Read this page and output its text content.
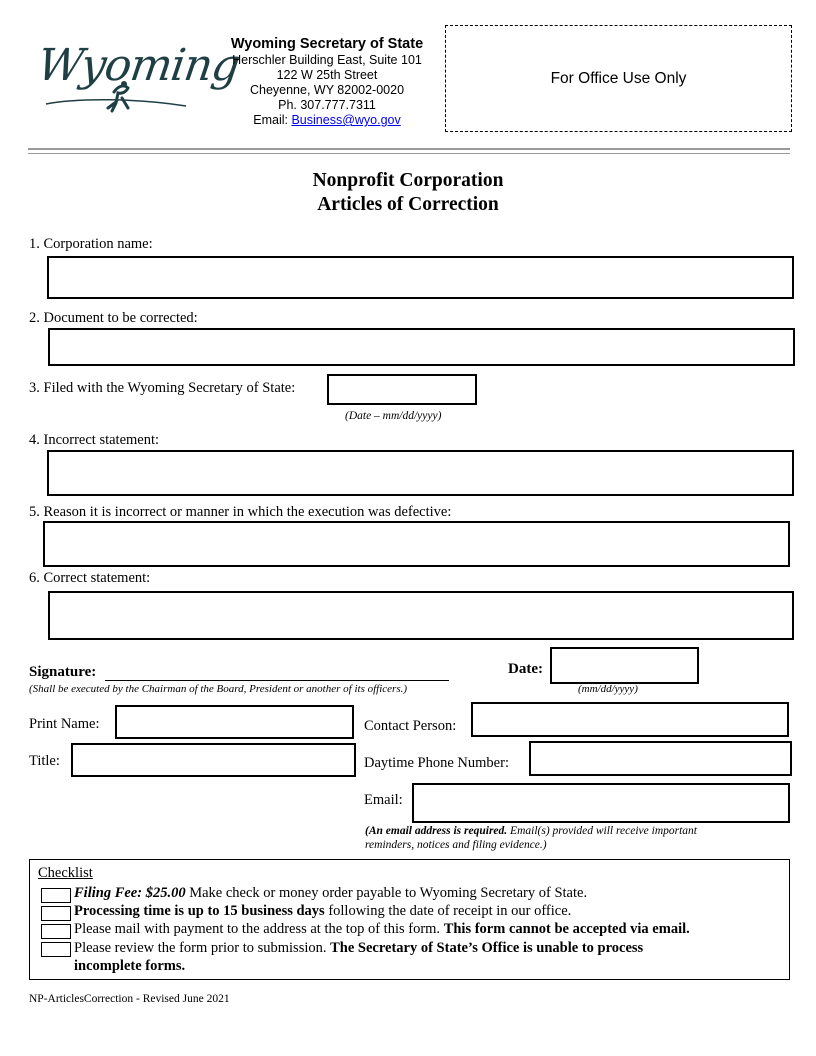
Wyoming
Wyoming Secretary of State
Herschler Building East, Suite 101
122 W 25th Street
Cheyenne, WY 82002-0020
Ph. 307.777.7311
Email: Business@wyo.gov
For Office Use Only
Nonprofit Corporation
Articles of Correction
1. Corporation name:
2. Document to be corrected:
3. Filed with the Wyoming Secretary of State:
(Date – mm/dd/yyyy)
4. Incorrect statement:
5. Reason it is incorrect or manner in which the execution was defective:
6. Correct statement:
Signature:
(Shall be executed by the Chairman of the Board, President or another of its officers.)
Date:
(mm/dd/yyyy)
Print Name:
Title:
Contact Person:
Daytime Phone Number:
Email:
(An email address is required. Email(s) provided will receive important
reminders, notices and filing evidence.)
Checklist
Filing Fee: $25.00 Make check or money order payable to Wyoming Secretary of State.
Processing time is up to 15 business days following the date of receipt in our office.
Please mail with payment to the address at the top of this form. This form cannot be accepted via email.
Please review the form prior to submission. The Secretary of State’s Office is unable to process
incomplete forms.
NP-ArticlesCorrection - Revised June 2021
